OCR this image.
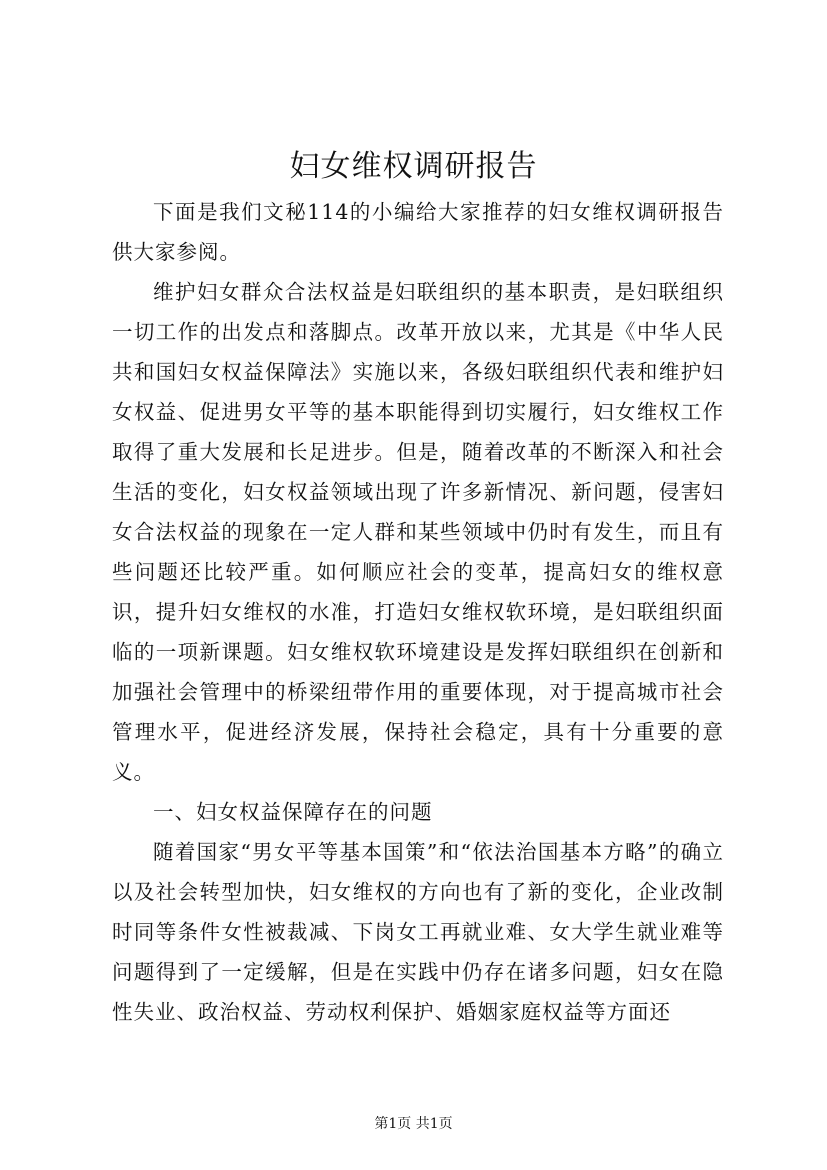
妇女维权调研报告

下面是我们文秘114的小编给大家推荐的妇女维权调研报告供大家参阅。

维护妇女群众合法权益是妇联组织的基本职责，是妇联组织一切工作的出发点和落脚点。改革开放以来，尤其是《中华人民共和国妇女权益保障法》实施以来，各级妇联组织代表和维护妇女权益、促进男女平等的基本职能得到切实履行，妇女维权工作取得了重大发展和长足进步。但是，随着改革的不断深入和社会生活的变化，妇女权益领域出现了许多新情况、新问题，侵害妇女合法权益的现象在一定人群和某些领域中仍时有发生，而且有些问题还比较严重。如何顺应社会的变革，提高妇女的维权意识，提升妇女维权的水准，打造妇女维权软环境，是妇联组织面临的一项新课题。妇女维权软环境建设是发挥妇联组织在创新和加强社会管理中的桥梁纽带作用的重要体现，对于提高城市社会管理水平，促进经济发展，保持社会稳定，具有十分重要的意义。

一、妇女权益保障存在的问题

随着国家“男女平等基本国策”和“依法治国基本方略”的确立以及社会转型加快，妇女维权的方向也有了新的变化，企业改制时同等条件女性被裁减、下岗女工再就业难、女大学生就业难等问题得到了一定缓解，但是在实践中仍存在诸多问题，妇女在隐性失业、政治权益、劳动权利保护、婚姻家庭权益等方面还

第1页 共1页
